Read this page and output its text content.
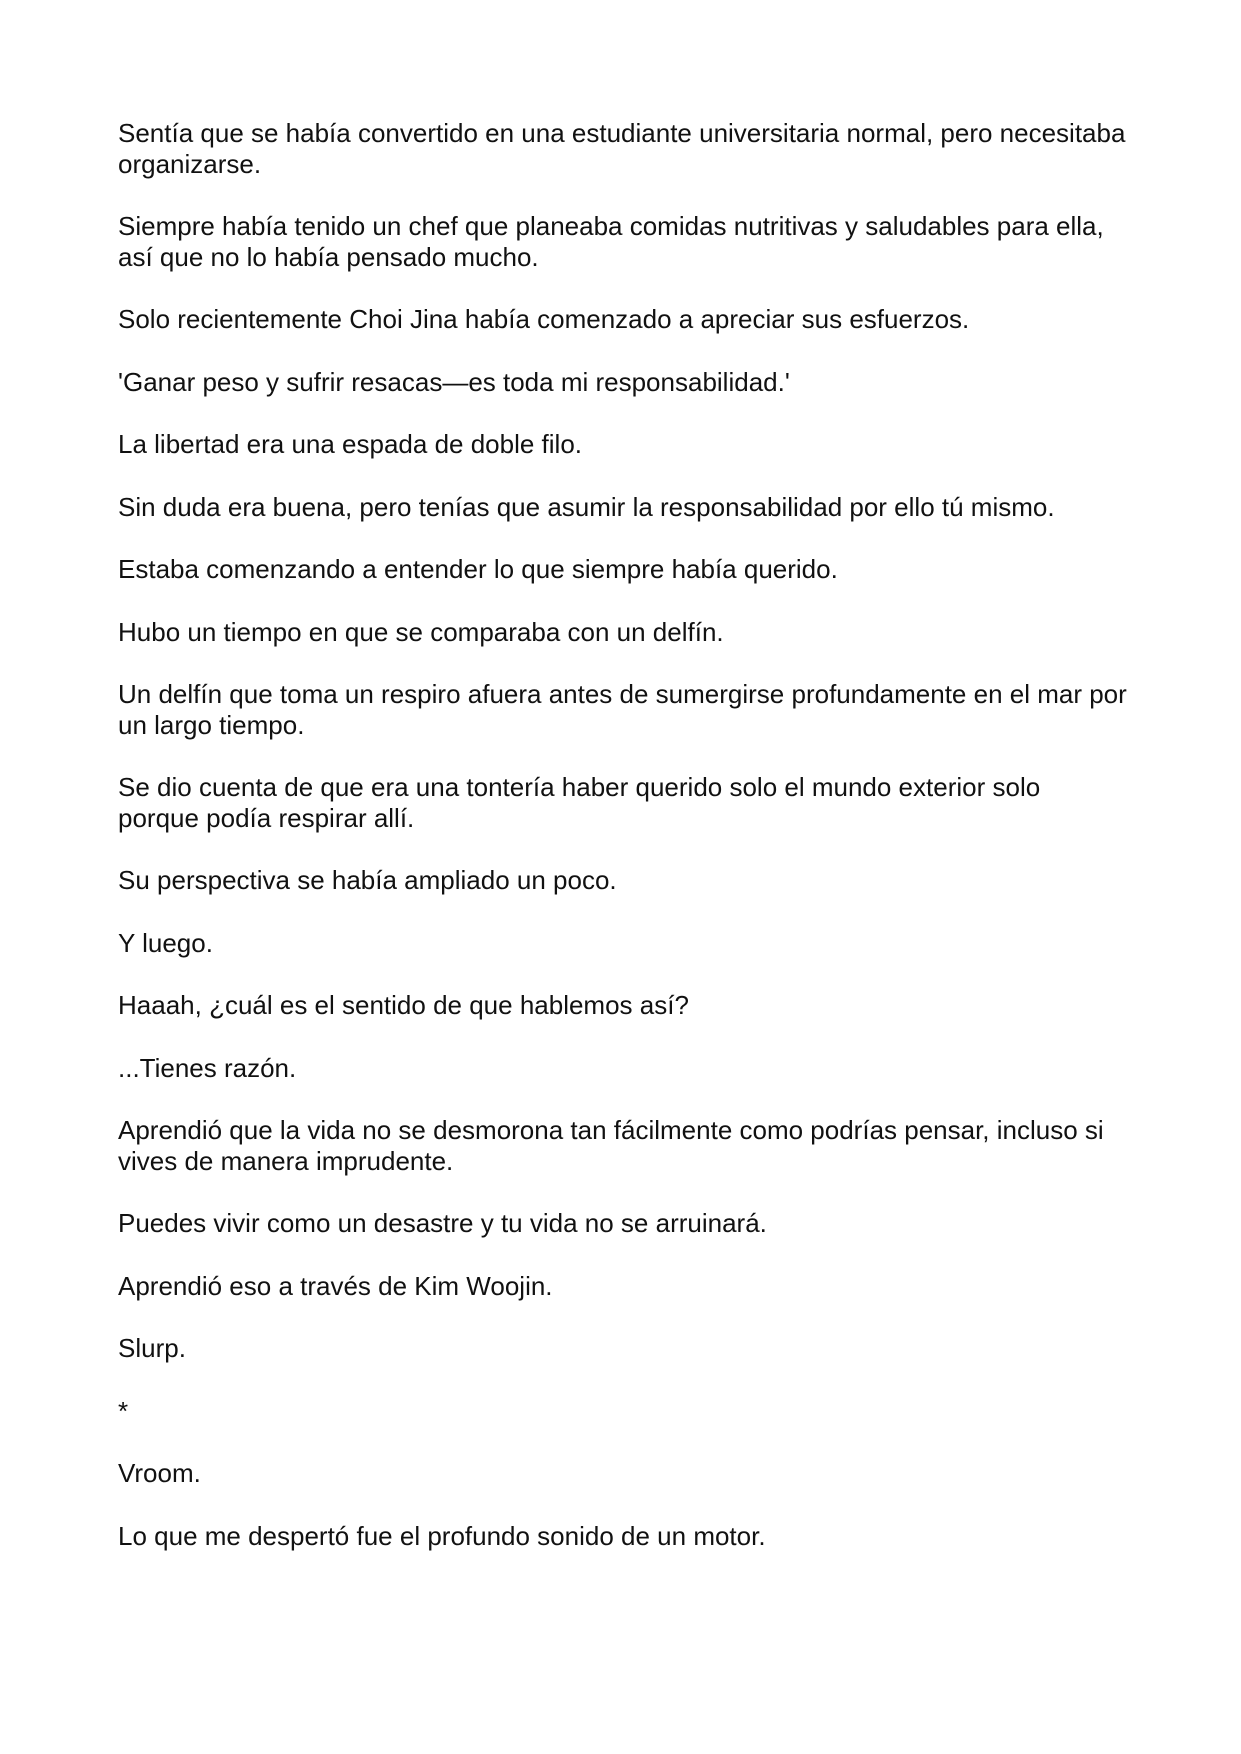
Sentía que se había convertido en una estudiante universitaria normal, pero necesitaba organizarse.

Siempre había tenido un chef que planeaba comidas nutritivas y saludables para ella, así que no lo había pensado mucho.

Solo recientemente Choi Jina había comenzado a apreciar sus esfuerzos.

'Ganar peso y sufrir resacas—es toda mi responsabilidad.'

La libertad era una espada de doble filo.

Sin duda era buena, pero tenías que asumir la responsabilidad por ello tú mismo.

Estaba comenzando a entender lo que siempre había querido.

Hubo un tiempo en que se comparaba con un delfín.

Un delfín que toma un respiro afuera antes de sumergirse profundamente en el mar por un largo tiempo.

Se dio cuenta de que era una tontería haber querido solo el mundo exterior solo porque podía respirar allí.

Su perspectiva se había ampliado un poco.

Y luego.

Haaah, ¿cuál es el sentido de que hablemos así?

...Tienes razón.

Aprendió que la vida no se desmorona tan fácilmente como podrías pensar, incluso si vives de manera imprudente.

Puedes vivir como un desastre y tu vida no se arruinará.

Aprendió eso a través de Kim Woojin.

Slurp.

*

Vroom.

Lo que me despertó fue el profundo sonido de un motor.
